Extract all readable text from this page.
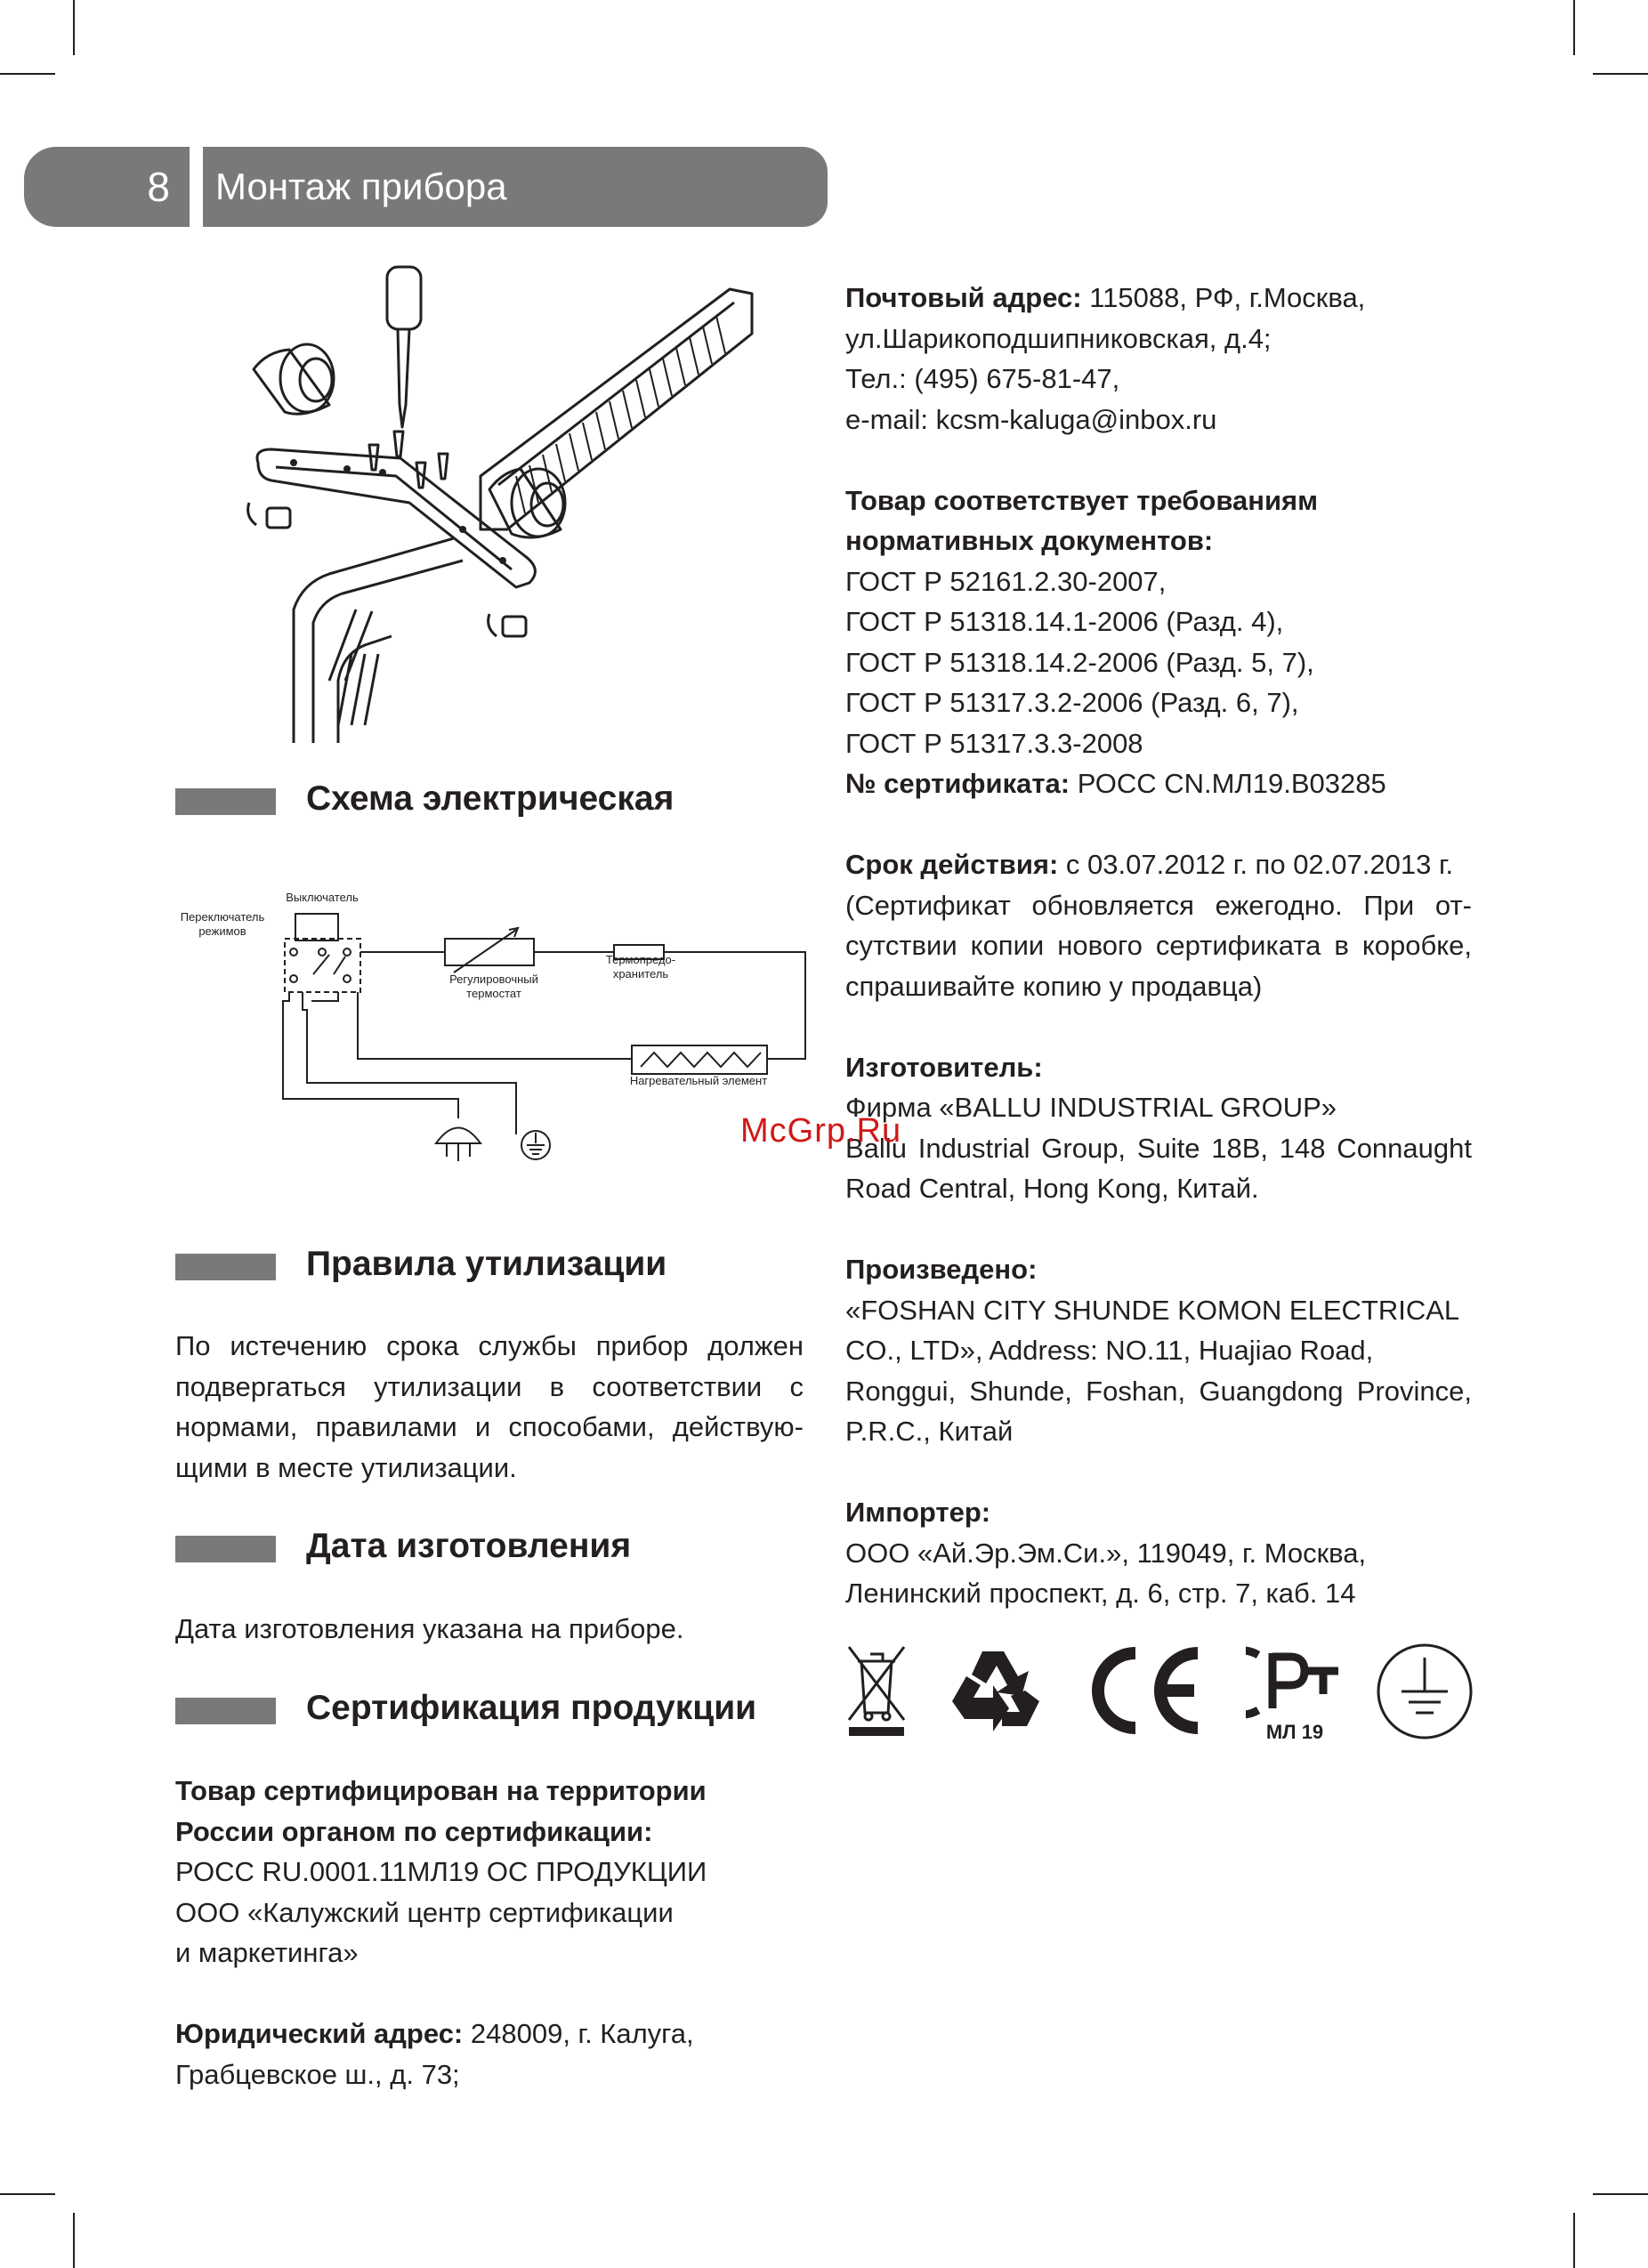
8	Монтаж прибора
Схема электрическая
Выключатель
Переключатель
режимов
Регулировочный
термостат
Термопредо-
хранитель
Нагревательный элемент
Правила утилизации
По истечению срока службы прибор должен
подвергаться утилизации в соответствии с
нормами, правилами и способами, действую-
щими в месте утилизации.
Дата изготовления
Дата изготовления указана на приборе.
Сертификация продукции
Товар сертифицирован на территории
России органом по сертификации:
РОСС RU.0001.11МЛ19 ОС ПРОДУКЦИИ
ООО «Калужский центр сертификации
и маркетинга»
Юридический адрес: 248009, г. Калуга,
Грабцевское ш., д. 73;
Почтовый адрес: 115088, РФ, г.Москва,
ул.Шарикоподшипниковская, д.4;
Тел.: (495) 675-81-47,
e-mail: kcsm-kaluga@inbox.ru
Товар соответствует требованиям
нормативных документов:
ГОСТ Р 52161.2.30-2007,
ГОСТ Р 51318.14.1-2006 (Разд. 4),
ГОСТ Р 51318.14.2-2006 (Разд. 5, 7),
ГОСТ Р 51317.3.2-2006 (Разд. 6, 7),
ГОСТ Р 51317.3.3-2008
№ сертификата: РОСС CN.МЛ19.В03285
Срок действия: с 03.07.2012 г. по 02.07.2013 г.
(Сертификат обновляется ежегодно. При от-
сутствии копии нового сертификата в коробке,
спрашивайте копию у продавца)
Изготовитель:
Фирма «BALLU INDUSTRIAL GROUP»
Ballu Industrial Group, Suite 18B, 148 Connaught
Road Central, Hong Kong, Китай.
Произведено:
«FOSHAN CITY SHUNDE KOMON ELECTRICAL
CO., LTD», Address: NO.11, Huajiao Road,
Ronggui, Shunde, Foshan, Guangdong Province,
P.R.C., Китай
Импортер:
ООО «Ай.Эр.Эм.Си.», 119049, г. Москва,
Ленинский проспект, д. 6, стр. 7, каб. 14
МЛ 19
McGrp.Ru
